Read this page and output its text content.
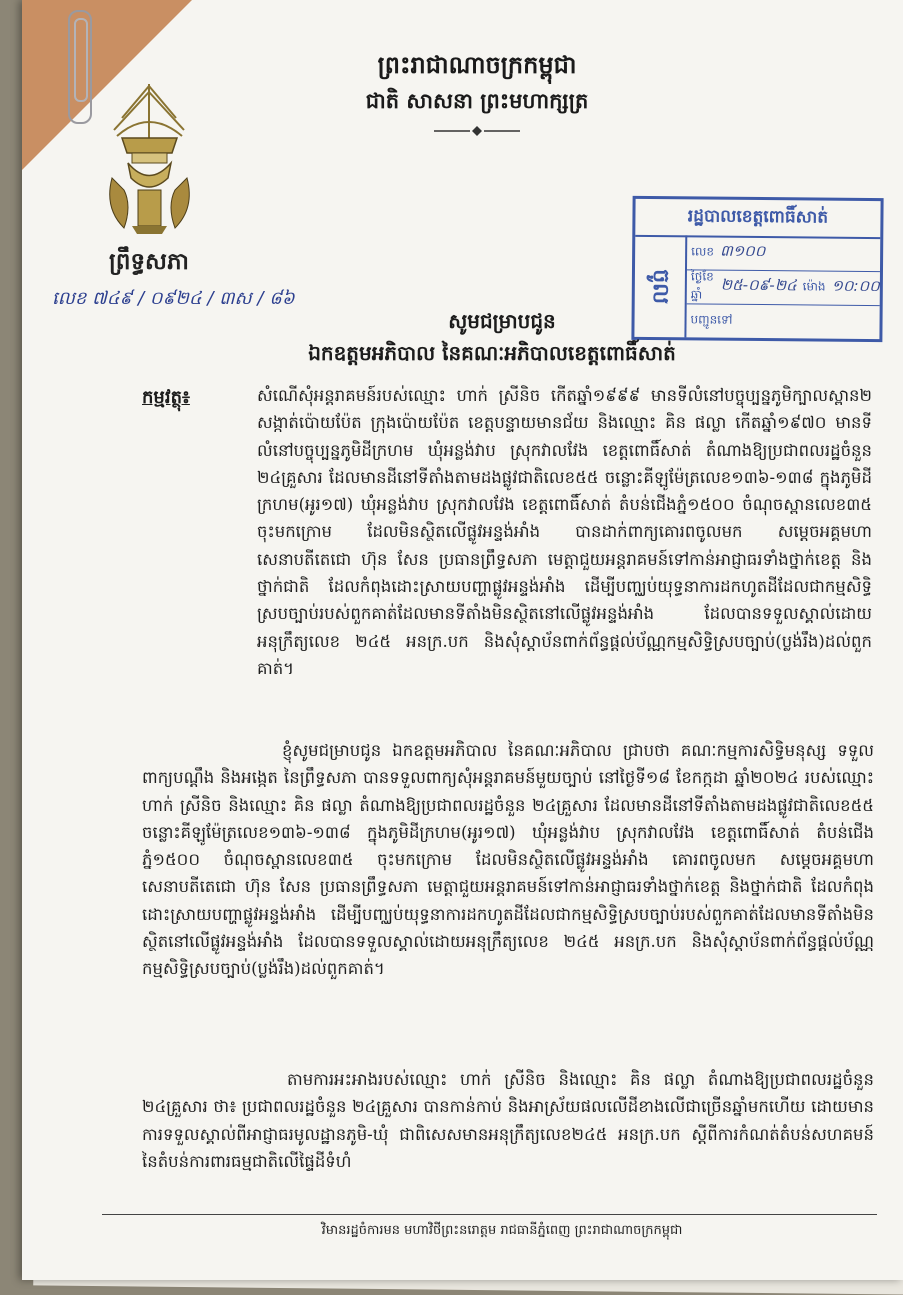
ព្រឹទ្ធសភា
លេខ ៧៤៩ / ០៩២៤ / ៣ស / ៨៦
ព្រះរាជាណាចក្រកម្ពុជា
ជាតិ សាសនា ព្រះមហាក្សត្រ
រដ្ឋបាលខេត្តពោធិ៍សាត់
ចូល
លេខ ៣១០០
ថ្ងៃខែឆ្នាំ
២៥-០៩-២៤ ម៉ោង ១០:០០
បញ្ជូនទៅ
សូមជម្រាបជូន
ឯកឧត្តមអភិបាល នៃគណៈអភិបាលខេត្តពោធិ៍សាត់
កម្មវត្ថុ៖	សំណើសុំអន្តរាគមន៍របស់ឈ្មោះ ហាក់ ស្រីនិច កើតឆ្នាំ១៩៩៩ មានទីលំនៅបច្ចុប្បន្នភូមិក្បាលស្ពាន២ សង្កាត់ប៉ោយប៉ែត ក្រុងប៉ោយប៉ែត ខេត្តបន្ទាយមានជ័យ និងឈ្មោះ គិន ផល្លា កើតឆ្នាំ១៩៧០ មានទីលំនៅបច្ចុប្បន្នភូមិដីក្រហម ឃុំអន្លង់វាប ស្រុកវាលវែង ខេត្តពោធិ៍សាត់ តំណាងឱ្យប្រជាពលរដ្ឋចំនួន ២៤គ្រួសារ ដែលមានដីនៅទីតាំងតាមដងផ្លូវជាតិលេខ៥៥ ចន្លោះគីឡូម៉ែត្រលេខ១៣៦-១៣៨ ក្នុងភូមិដីក្រហម(អូរ១៧) ឃុំអន្លង់វាប ស្រុកវាលវែង ខេត្តពោធិ៍សាត់ តំបន់ជើងភ្នំ១៥០០ ចំណុចស្ពានលេខ៣៥ ចុះមកក្រោម ដែលមិនស្ថិតលើផ្លូវអន្ទង់អាំង បានដាក់ពាក្យគោរពចូលមក សម្តេចអគ្គមហាសេនាបតីតេជោ ហ៊ុន សែន ប្រធានព្រឹទ្ធសភា មេត្តាជួយអន្តរាគមន៍ទៅកាន់អាជ្ញាធរទាំងថ្នាក់ខេត្ត និងថ្នាក់ជាតិ ដែលកំពុងដោះស្រាយបញ្ហាផ្លូវអន្ទង់អាំង ដើម្បីបញ្ឈប់យុទ្ធនាការដកហូតដីដែលជាកម្មសិទ្ធិស្របច្បាប់របស់ពួកគាត់ដែលមានទីតាំងមិនស្ថិតនៅលើផ្លូវអន្ទង់អាំង ដែលបានទទួលស្គាល់ដោយអនុក្រឹត្យលេខ ២៤៥ អនក្រ.បក និងសុំស្តាប័នពាក់ព័ន្ធផ្តល់ប័ណ្ណកម្មសិទ្ធិស្របច្បាប់(ប្លង់រឹង)ដល់ពួកគាត់។
ខ្ញុំសូមជម្រាបជូន ឯកឧត្តមអភិបាល នៃគណៈអភិបាល ជ្រាបថា គណៈកម្មការសិទ្ធិមនុស្ស ទទួលពាក្យបណ្តឹង និងអង្កេត នៃព្រឹទ្ធសភា បានទទួលពាក្យសុំអន្តរាគមន៍មួយច្បាប់ នៅថ្ងៃទី១៨ ខែកក្កដា ឆ្នាំ២០២៤ របស់ឈ្មោះ ហាក់ ស្រីនិច និងឈ្មោះ គិន ផល្លា តំណាងឱ្យប្រជាពលរដ្ឋចំនួន ២៤គ្រួសារ ដែលមានដីនៅទីតាំងតាមដងផ្លូវជាតិលេខ៥៥ ចន្លោះគីឡូម៉ែត្រលេខ១៣៦-១៣៨ ក្នុងភូមិដីក្រហម(អូរ១៧) ឃុំអន្លង់វាប ស្រុកវាលវែង ខេត្តពោធិ៍សាត់ តំបន់ជើងភ្នំ១៥០០ ចំណុចស្ពានលេខ៣៥ ចុះមកក្រោម ដែលមិនស្ថិតលើផ្លូវអន្ទង់អាំង គោរពចូលមក សម្តេចអគ្គមហាសេនាបតីតេជោ ហ៊ុន សែន ប្រធានព្រឹទ្ធសភា មេត្តាជួយអន្តរាគមន៍ទៅកាន់អាជ្ញាធរទាំងថ្នាក់ខេត្ត និងថ្នាក់ជាតិ ដែលកំពុងដោះស្រាយបញ្ហាផ្លូវអន្ទង់អាំង ដើម្បីបញ្ឈប់យុទ្ធនាការដកហូតដីដែលជាកម្មសិទ្ធិស្របច្បាប់របស់ពួកគាត់ដែលមានទីតាំងមិនស្ថិតនៅលើផ្លូវអន្ទង់អាំង ដែលបានទទួលស្គាល់ដោយអនុក្រឹត្យលេខ ២៤៥ អនក្រ.បក និងសុំស្តាប័នពាក់ព័ន្ធផ្តល់ប័ណ្ណកម្មសិទ្ធិស្របច្បាប់(ប្លង់រឹង)ដល់ពួកគាត់។
តាមការអះអាងរបស់ឈ្មោះ ហាក់ ស្រីនិច និងឈ្មោះ គិន ផល្លា តំណាងឱ្យប្រជាពលរដ្ឋចំនួន ២៤គ្រួសារ ថា៖ ប្រជាពលរដ្ឋចំនួន ២៤គ្រួសារ បានកាន់កាប់ និងអាស្រ័យផលលើដីខាងលើជាច្រើនឆ្នាំមកហើយ ដោយមានការទទួលស្គាល់ពីអាជ្ញាធរមូលដ្ឋានភូមិ-ឃុំ ជាពិសេសមានអនុក្រឹត្យលេខ២៤៥ អនក្រ.បក ស្តីពីការកំណត់តំបន់សហគមន៍ នៃតំបន់ការពារធម្មជាតិលើផ្ទៃដីទំហំ
វិមានរដ្ឋចំការមន មហាវិថីព្រះនរោត្តម រាជធានីភ្នំពេញ ព្រះរាជាណាចក្រកម្ពុជា
